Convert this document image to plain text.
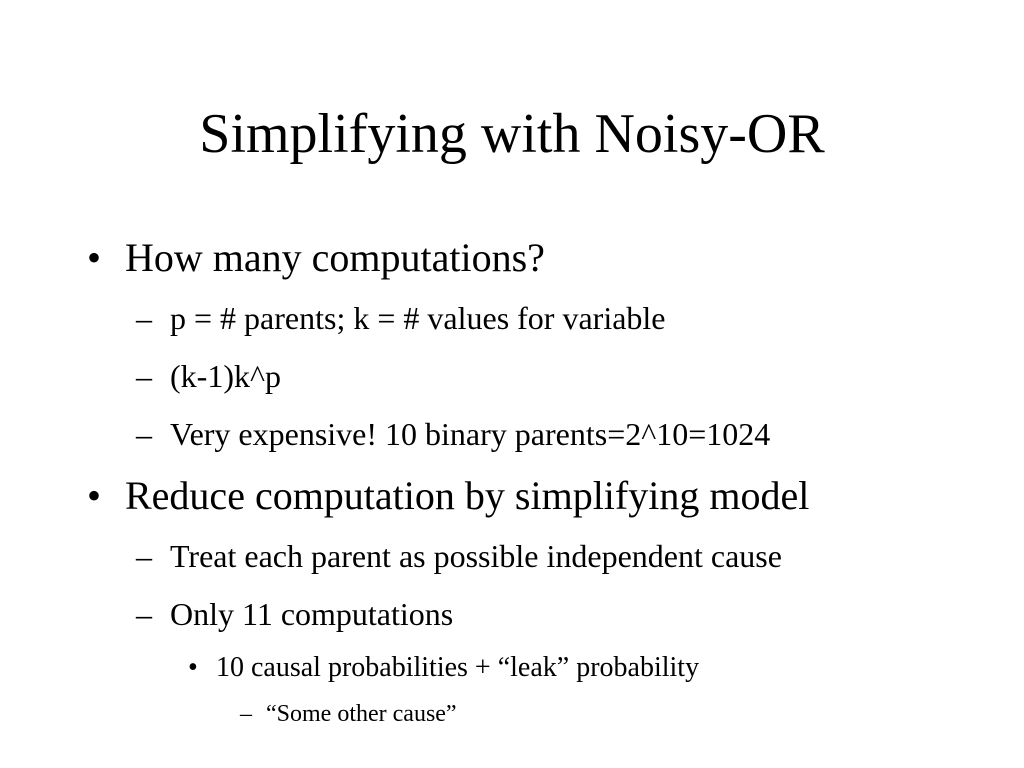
Simplifying with Noisy-OR
• How many computations?
– p = # parents; k = # values for variable
– (k-1)k^p
– Very expensive! 10 binary parents=2^10=1024
• Reduce computation by simplifying model
– Treat each parent as possible independent cause
– Only 11 computations
• 10 causal probabilities + “leak” probability
– “Some other cause”
